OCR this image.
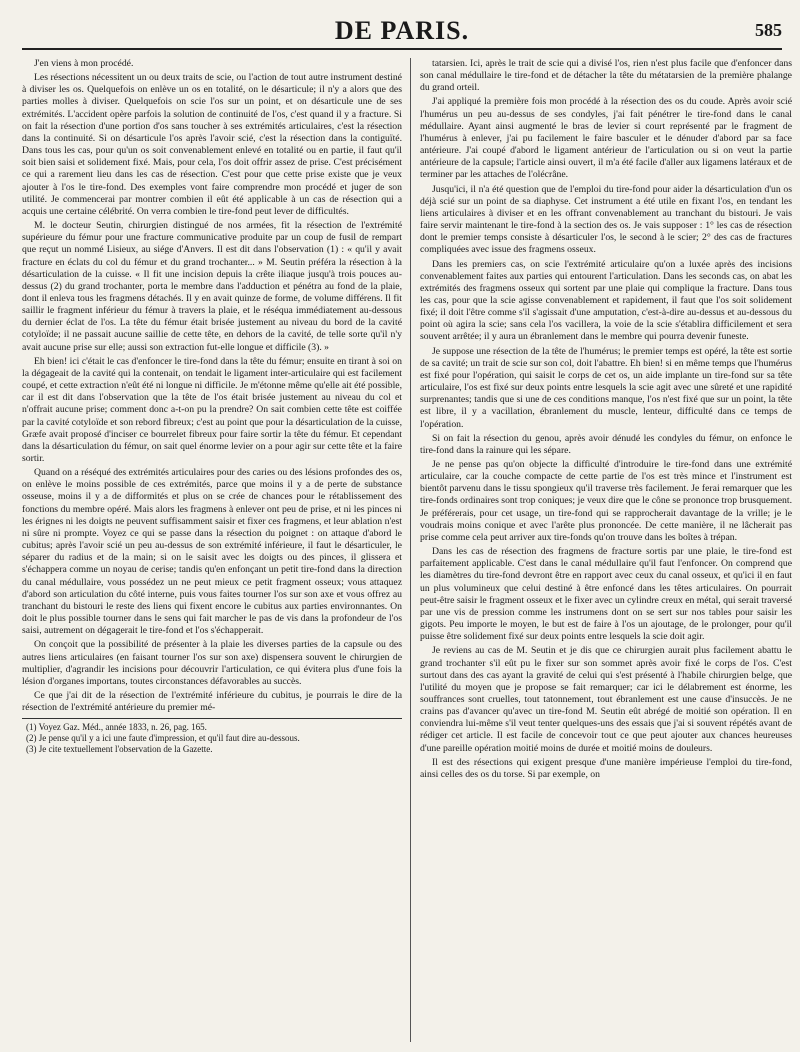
DE PARIS.	585

J'en viens à mon procédé.

Les résections nécessitent un ou deux traits de scie, ou l'action de tout autre instrument destiné à diviser les os. Quelquefois on enlève un os en totalité, on le désarticule; il n'y a alors que des parties molles à diviser. Quelquefois on scie l'os sur un point, et on désarticule une de ses extrémités. L'accident opère parfois la solution de continuité de l'os, c'est quand il y a fracture. Si on fait la résection d'une portion d'os sans toucher à ses extrémités articulaires, c'est la résection dans la continuité. Si on désarticule l'os après l'avoir scié, c'est la résection dans la contiguïté. Dans tous les cas, pour qu'un os soit convenablement enlevé en totalité ou en partie, il faut qu'il soit bien saisi et solidement fixé. Mais, pour cela, l'os doit offrir assez de prise. C'est précisément ce qui a rarement lieu dans les cas de résection. C'est pour que cette prise existe que je veux ajouter à l'os le tire-fond. Des exemples vont faire comprendre mon procédé et juger de son utilité. Je commencerai par montrer combien il eût été applicable à un cas de résection qui a acquis une certaine célébrité. On verra combien le tire-fond peut lever de difficultés.

M. le docteur Seutin, chirurgien distingué de nos armées, fit la résection de l'extrémité supérieure du fémur pour une fracture communicative produite par un coup de fusil de rempart que reçut un nommé Lisieux, au siége d'Anvers. Il est dit dans l'observation (1) : « qu'il y avait fracture en éclats du col du fémur et du grand trochanter... » M. Seutin préféra la résection à la désarticulation de la cuisse. « Il fit une incision depuis la crête iliaque jusqu'à trois pouces au-dessus (2) du grand trochanter, porta le membre dans l'adduction et pénétra au fond de la plaie, dont il enleva tous les fragmens détachés. Il y en avait quinze de forme, de volume différens. Il fit saillir le fragment inférieur du fémur à travers la plaie, et le réséqua immédiatement au-dessous du dernier éclat de l'os. La tête du fémur était brisée justement au niveau du bord de la cavité cotyloïde; il ne passait aucune saillie de cette tête, en dehors de la cavité, de telle sorte qu'il n'y avait aucune prise sur elle; aussi son extraction fut-elle longue et difficile (3). »

Eh bien! ici c'était le cas d'enfoncer le tire-fond dans la tête du fémur; ensuite en tirant à soi on la dégageait de la cavité qui la contenait, on tendait le ligament inter-articulaire qui est facilement coupé, et cette extraction n'eût été ni longue ni difficile. Je m'étonne même qu'elle ait été possible, car il est dit dans l'observation que la tête de l'os était brisée justement au niveau du col et n'offrait aucune prise; comment donc a-t-on pu la prendre? On sait combien cette tête est coiffée par la cavité cotyloïde et son rebord fibreux; c'est au point que pour la désarticulation de la cuisse, Græfe avait proposé d'inciser ce bourrelet fibreux pour faire sortir la tête du fémur. Et cependant dans la désarticulation du fémur, on sait quel énorme levier on a pour agir sur cette tête et la faire sortir.

Quand on a réséqué des extrémités articulaires pour des caries ou des lésions profondes des os, on enlève le moins possible de ces extrémités, parce que moins il y a de perte de substance osseuse, moins il y a de difformités et plus on se crée de chances pour le rétablissement des fonctions du membre opéré. Mais alors les fragmens à enlever ont peu de prise, et ni les pinces ni les érignes ni les doigts ne peuvent suffisamment saisir et fixer ces fragmens, et leur ablation n'est ni sûre ni prompte. Voyez ce qui se passe dans la résection du poignet : on attaque d'abord le cubitus; après l'avoir scié un peu au-dessus de son extrémité inférieure, il faut le désarticuler, le séparer du radius et de la main; si on le saisit avec les doigts ou des pinces, il glissera et s'échappera comme un noyau de cerise; tandis qu'en enfonçant un petit tire-fond dans la direction du canal médullaire, vous possédez un ne peut mieux ce petit fragment osseux; vous attaquez d'abord son articulation du côté interne, puis vous faites tourner l'os sur son axe et vous offrez au tranchant du bistouri le reste des liens qui fixent encore le cubitus aux parties environnantes. On doit le plus possible tourner dans le sens qui fait marcher le pas de vis dans la profondeur de l'os saisi, autrement on dégagerait le tire-fond et l'os s'échapperait.

On conçoit que la possibilité de présenter à la plaie les diverses parties de la capsule ou des autres liens articulaires (en faisant tourner l'os sur son axe) dispensera souvent le chirurgien de multiplier, d'agrandir les incisions pour découvrir l'articulation, ce qui évitera plus d'une fois la lésion d'organes importans, toutes circonstances défavorables au succès.

Ce que j'ai dit de la résection de l'extrémité inférieure du cubitus, je pourrais le dire de la résection de l'extrémité antérieure du premier mé-

(1) Voyez Gaz. Méd., année 1833, n. 26, pag. 165.
(2) Je pense qu'il y a ici une faute d'impression, et qu'il faut dire au-dessous.
(3) Je cite textuellement l'observation de la Gazette.

tatarsien. Ici, après le trait de scie qui a divisé l'os, rien n'est plus facile que d'enfoncer dans son canal médullaire le tire-fond et de détacher la tête du métatarsien de la première phalange du grand orteil.

J'ai appliqué la première fois mon procédé à la résection des os du coude. Après avoir scié l'humérus un peu au-dessus de ses condyles, j'ai fait pénétrer le tire-fond dans le canal médullaire. Ayant ainsi augmenté le bras de levier si court représenté par le fragment de l'humérus à enlever, j'ai pu facilement le faire basculer et le dénuder d'abord par sa face antérieure. J'ai coupé d'abord le ligament antérieur de l'articulation ou si on veut la partie antérieure de la capsule; l'article ainsi ouvert, il m'a été facile d'aller aux ligamens latéraux et de terminer par les attaches de l'olécrâne.

Jusqu'ici, il n'a été question que de l'emploi du tire-fond pour aider la désarticulation d'un os déjà scié sur un point de sa diaphyse. Cet instrument a été utile en fixant l'os, en tendant les liens articulaires à diviser et en les offrant convenablement au tranchant du bistouri. Je vais faire servir maintenant le tire-fond à la section des os. Je vais supposer : 1° les cas de résection dont le premier temps consiste à désarticuler l'os, le second à le scier; 2° des cas de fractures compliquées avec issue des fragmens osseux.

Dans les premiers cas, on scie l'extrémité articulaire qu'on a luxée après des incisions convenablement faites aux parties qui entourent l'articulation. Dans les seconds cas, on abat les extrémités des fragmens osseux qui sortent par une plaie qui complique la fracture. Dans tous les cas, pour que la scie agisse convenablement et rapidement, il faut que l'os soit solidement fixé; il doit l'être comme s'il s'agissait d'une amputation, c'est-à-dire au-dessus et au-dessous du point où agira la scie; sans cela l'os vacillera, la voie de la scie s'établira difficilement et sera souvent arrêtée; il y aura un ébranlement dans le membre qui pourra devenir funeste.

Je suppose une résection de la tête de l'humérus; le premier temps est opéré, la tête est sortie de sa cavité; un trait de scie sur son col, doit l'abattre. Eh bien! si en même temps que l'humérus est fixé pour l'opération, qui saisit le corps de cet os, un aide implante un tire-fond sur sa tête articulaire, l'os est fixé sur deux points entre lesquels la scie agit avec une sûreté et une rapidité surprenantes; tandis que si une de ces conditions manque, l'os n'est fixé que sur un point, la tête est libre, il y a vacillation, ébranlement du muscle, lenteur, difficulté dans ce temps de l'opération.

Si on fait la résection du genou, après avoir dénudé les condyles du fémur, on enfonce le tire-fond dans la rainure qui les sépare.

Je ne pense pas qu'on objecte la difficulté d'introduire le tire-fond dans une extrémité articulaire, car la couche compacte de cette partie de l'os est très mince et l'instrument est bientôt parvenu dans le tissu spongieux qu'il traverse très facilement. Je ferai remarquer que les tire-fonds ordinaires sont trop coniques; je veux dire que le cône se prononce trop brusquement. Je préférerais, pour cet usage, un tire-fond qui se rapprocherait davantage de la vrille; je le voudrais moins conique et avec l'arête plus prononcée. De cette manière, il ne lâcherait pas prise comme cela peut arriver aux tire-fonds qu'on trouve dans les boîtes à trépan.

Dans les cas de résection des fragmens de fracture sortis par une plaie, le tire-fond est parfaitement applicable. C'est dans le canal médullaire qu'il faut l'enfoncer. On comprend que les diamètres du tire-fond devront être en rapport avec ceux du canal osseux, et qu'ici il en faut un plus volumineux que celui destiné à être enfoncé dans les têtes articulaires. On pourrait peut-être saisir le fragment osseux et le fixer avec un cylindre creux en métal, qui serait traversé par une vis de pression comme les instrumens dont on se sert sur nos tables pour saisir les gigots. Peu importe le moyen, le but est de faire à l'os un ajoutage, de le prolonger, pour qu'il puisse être solidement fixé sur deux points entre lesquels la scie doit agir.

Je reviens au cas de M. Seutin et je dis que ce chirurgien aurait plus facilement abattu le grand trochanter s'il eût pu le fixer sur son sommet après avoir fixé le corps de l'os. C'est surtout dans des cas ayant la gravité de celui qui s'est présenté à l'habile chirurgien belge, que l'utilité du moyen que je propose se fait remarquer; car ici le délabrement est énorme, les souffrances sont cruelles, tout tatonnement, tout ébranlement est une cause d'insuccès. Je ne crains pas d'avancer qu'avec un tire-fond M. Seutin eût abrégé de moitié son opération. Il en conviendra lui-même s'il veut tenter quelques-uns des essais que j'ai si souvent répétés avant de rédiger cet article. Il est facile de concevoir tout ce que peut ajouter aux chances heureuses d'une pareille opération moitié moins de durée et moitié moins de douleurs.

Il est des résections qui exigent presque d'une manière impérieuse l'emploi du tire-fond, ainsi celles des os du torse. Si par exemple, on
